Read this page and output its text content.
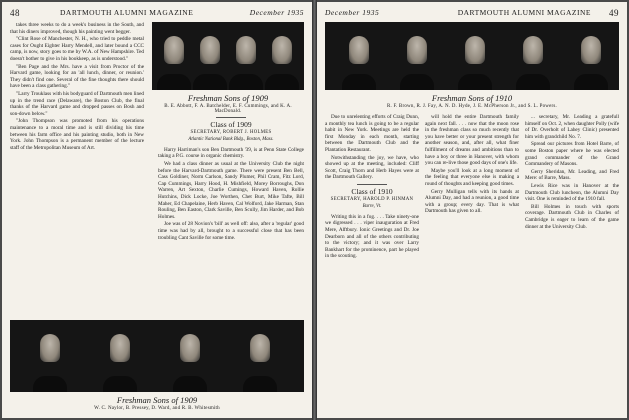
48	DARTMOUTH ALUMNI MAGAZINE	December 1935
Freshman Sons of 1909
B. E. Abbott, F. A. Batchelder, E. F. Cummings, and K. A. MacDonald.

takes three weeks to do a week's business in the South, and that his diners improved, though his painting went begger.

"Clint Rose of Manchester, N. H., who tried to peddle metal cases for Ought Eighter Harry Mendell, and later bound a CCC camp, is now, story goes to me by W.A. of New Hampshire. Ted doesn't bother to give in his bookkeep, as is understood."

"Ben Page and the Mrs. have a visit from Proctor of the Harvard game, looking for an 'all lunch, dinner, or reunion.' They didn't find one. Several of the fine thoughts there should have been a class gathering."

"Larry Trouklass with his bodyguard of Dartmouth men lined up in the trend race (Delaware), the Boston Club, the final thanks of the Harvard game and dropped passes on Bosh and son-down below."

"John Thompson was promoted from his operations maintenance to a moral time and is still dividing his time between his farm office and his painting studio, both in New York. John Thompson is a permanent member of the lecture staff of the Metropolitan Museum of Art.

Class of 1909
SECRETARY, ROBERT J. HOLMES
Atlantic National Bank Bldg., Boston, Mass.

Harry Harriman's son Ben Dartmouth '39, is at Penn State College taking a P.G. course in organic chemistry.

We had a class dinner as usual at the University Club the night before the Harvard-Dartmouth game. There were present Ben Bell, Cass Goldiner, Norm Carlson, Sandy Plumer, Phil Cram, Fitz Lord, Cap Cummings, Harry Hood, H. Mishfield, Morey Borroughs, Don Warren, Art Sexton, Charlie Cumings, Howard Haven, Rollie Hutchins, Dick Locke, Joe Worthen, Chet Burt, Mike Tafte, Bill Maher, Ed Chapelaine, Herb Haven, Cal Wolford, Jake Harman, Stan Rouling, Ben Easton, Clark Saville, Ben Scully, Jim Harder, and Bob Holmes.

Joe was of 28 Novion's 'bill' as well off: also, after a 'regular' good time was had by all, brought to a successful close that has been troubling Cant Saville for some time.

Freshman Sons of 1909
W. C. Naylor, B. Pressey, D. Ward, and R. B. Whitesmith
December 1935	DARTMOUTH ALUMNI MAGAZINE 49
Freshman Sons of 1910
R. F. Brown, R. J. Fay, A. N. D. Hyde, J. E. McPherson Jr., and S. L. Powers.

Due to unrelenting efforts of Craig Dunn, a monthly tea lunch is going to be a regular habit in New York. Meetings are held the first Monday in each month, starting between the Dartmouth Club and the Plantation Restaurant.

Notwithstanding the joy, we have, who showed up at the meeting, included: Cliff Scott, Craig Thorn and Herb Hayes were at the Dartmouth Gallery.

Class of 1910
SECRETARY, HAROLD P. HINMAN
Barre, Vt.

Writing this in a fog. . . . Take ninety-one we digressed . . . viper inauguration at Fred Mere, Alftbury. Ionic Greetings and Dr. Joe Dearborn and all of the others contributing to the victory; and it was over Larry Bankhart for the prominence, part he played in the scouting.

will hold the entire Dartmouth family again next fall. . . . now that the moon rose in the freshman class so much recently that you have better or your present strength for another season, and, after all, what finer fulfillment of dreams and ambitions than to have a boy or three in Hanover, with whom you can re-live those good days of one's life.

Maybe you'll look at a long moment of the feeling that everyone else is making a round of thoughts and keeping good times.

Gerry Mulligan tells with its hands at Alumni Day, and had a reunion, a good time with a group; every day. That is what Dartmouth has given to all.

... secretary, Mr. Leading a gratefull himself on Oct. 2, when daughter Polly (wife of Dr. Overholt of Lahey Clinic) presented him with grandchild No. 7.

Spread our pictures from Hotel Barre, of some Boston paper where he was elected grand commander of the Grand Commandery of Masons.

Gerry Sheridan, Mr. Leading, and Fred Mere: of Barre, Mass.

Lewis Rice was in Hanover at the Dartmouth Club luncheon, the Alumni Day visit. One is reminded of the 1910 fall.

Bill Holmes in touch with sports coverage. Dartmouth Club in Charles of Cambridge is eager to learn of the game dinner at the University Club.
